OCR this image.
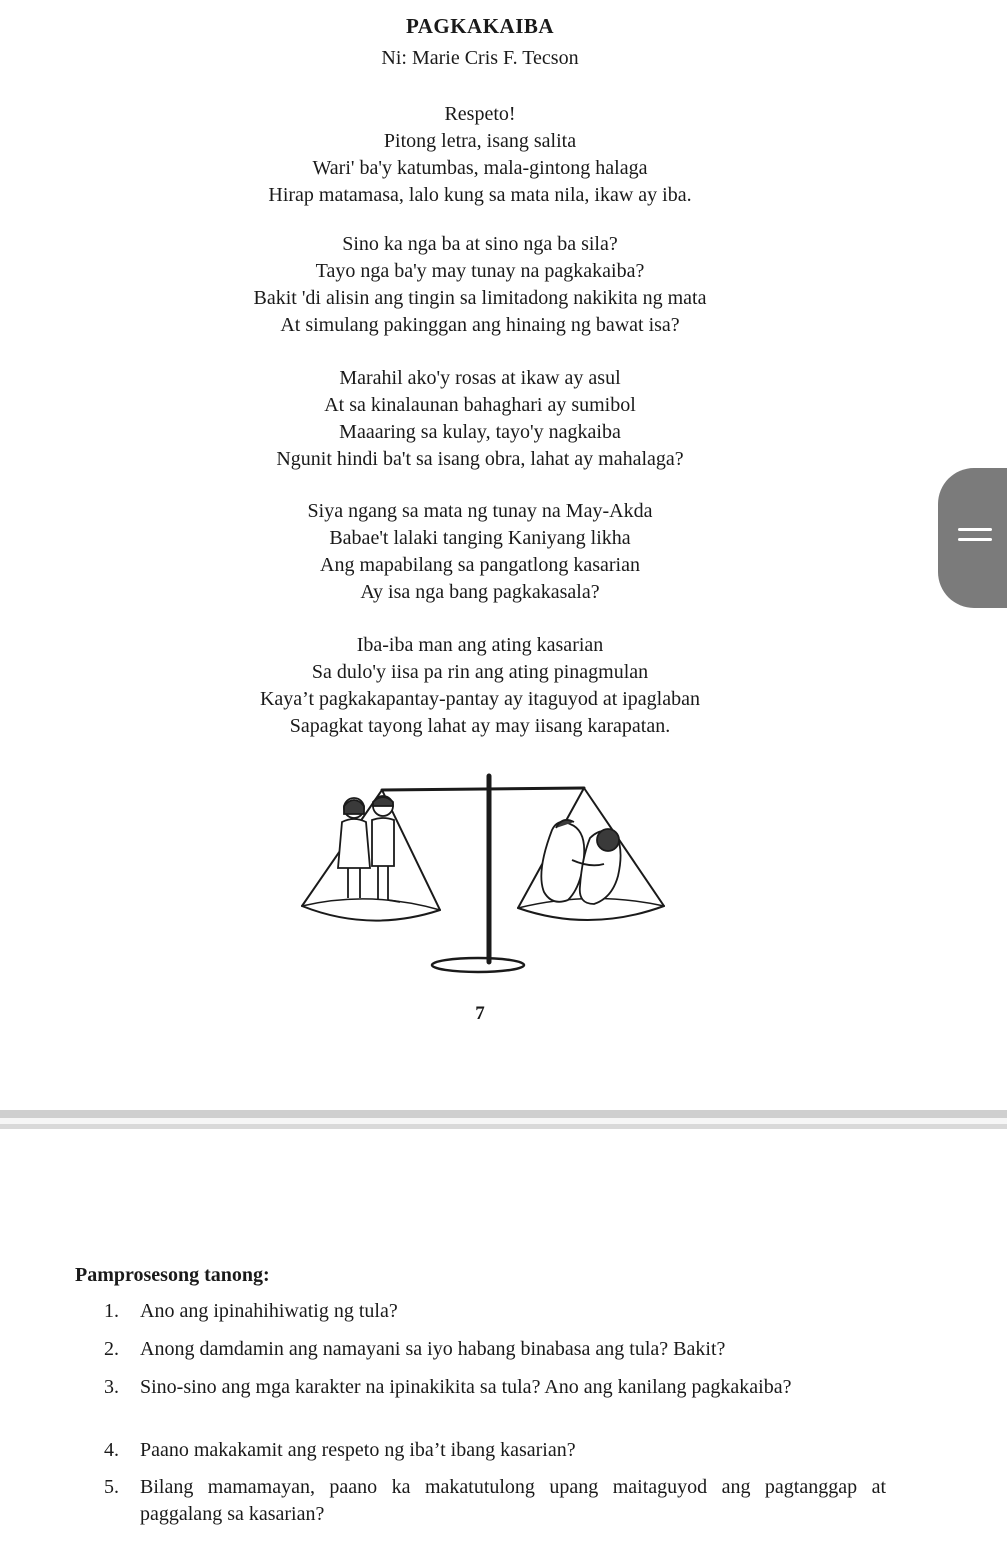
PAGKAKAIBA
Ni: Marie Cris F. Tecson
Respeto!
Pitong letra, isang salita
Wari' ba'y katumbas, mala-gintong halaga
Hirap matamasa, lalo kung sa mata nila, ikaw ay iba.
Sino ka nga ba at sino nga ba sila?
Tayo nga ba'y may tunay na pagkakaiba?
Bakit 'di alisin ang tingin sa limitadong nakikita ng mata
At simulang pakinggan ang hinaing ng bawat isa?
Marahil ako'y rosas at ikaw ay asul
At sa kinalaunan bahaghari ay sumibol
Maaaring sa kulay, tayo'y nagkaiba
Ngunit hindi ba't sa isang obra, lahat ay mahalaga?
Siya ngang sa mata ng tunay na May-Akda
Babae't lalaki tanging Kaniyang likha
Ang mapabilang sa pangatlong kasarian
Ay isa nga bang pagkakasala?
Iba-iba man ang ating kasarian
Sa dulo'y iisa pa rin ang ating pinagmulan
Kaya’t pagkakapantay-pantay ay itaguyod at ipaglaban
Sapagkat tayong lahat ay may iisang karapatan.
7
Pamprosesong tanong:
1. Ano ang ipinahihiwatig ng tula?
2. Anong damdamin ang namayani sa iyo habang binabasa ang tula? Bakit?
3. Sino-sino ang mga karakter na ipinakikita sa tula? Ano ang kanilang pagkakaiba?
4. Paano makakamit ang respeto ng iba’t ibang kasarian?
5. Bilang mamamayan, paano ka makatutulong upang maitaguyod ang pagtanggap at paggalang sa kasarian?
